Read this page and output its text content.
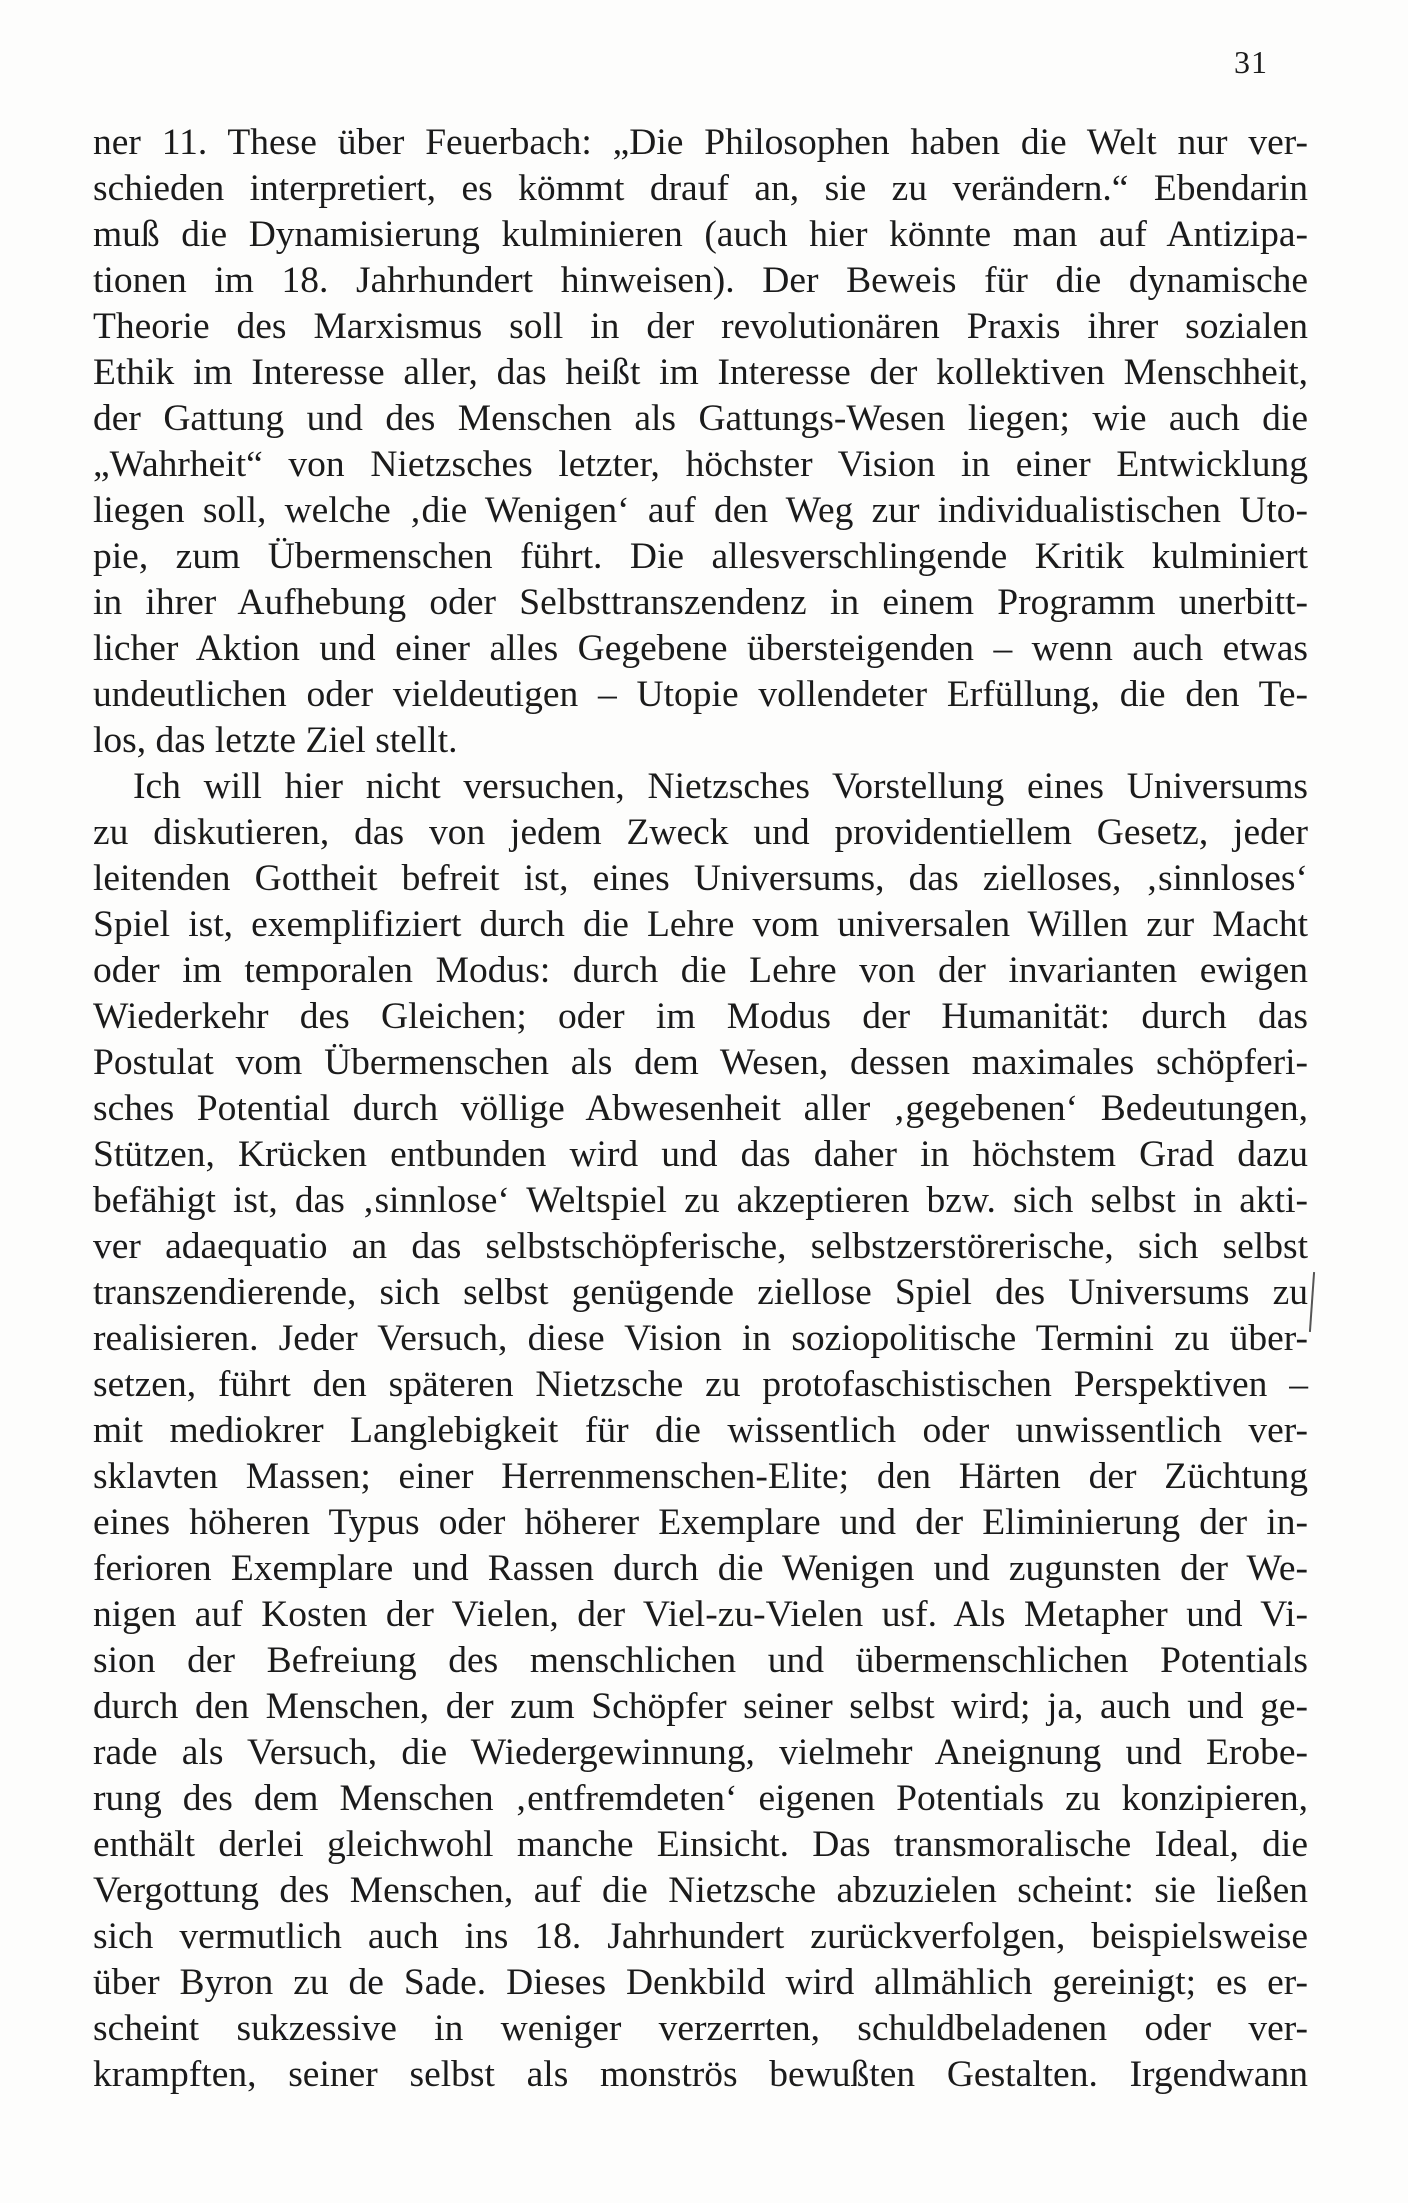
31
ner 11. These über Feuerbach: „Die Philosophen haben die Welt nur ver-
schieden interpretiert, es kömmt drauf an, sie zu verändern.“ Ebendarin
muß die Dynamisierung kulminieren (auch hier könnte man auf Antizipa-
tionen im 18. Jahrhundert hinweisen). Der Beweis für die dynamische
Theorie des Marxismus soll in der revolutionären Praxis ihrer sozialen
Ethik im Interesse aller, das heißt im Interesse der kollektiven Menschheit,
der Gattung und des Menschen als Gattungs-Wesen liegen; wie auch die
„Wahrheit“ von Nietzsches letzter, höchster Vision in einer Entwicklung
liegen soll, welche ‚die Wenigen‘ auf den Weg zur individualistischen Uto-
pie, zum Übermenschen führt. Die allesverschlingende Kritik kulminiert
in ihrer Aufhebung oder Selbsttranszendenz in einem Programm unerbitt-
licher Aktion und einer alles Gegebene übersteigenden – wenn auch etwas
undeutlichen oder vieldeutigen – Utopie vollendeter Erfüllung, die den Te-
los, das letzte Ziel stellt.
Ich will hier nicht versuchen, Nietzsches Vorstellung eines Universums
zu diskutieren, das von jedem Zweck und providentiellem Gesetz, jeder
leitenden Gottheit befreit ist, eines Universums, das zielloses, ‚sinnloses‘
Spiel ist, exemplifiziert durch die Lehre vom universalen Willen zur Macht
oder im temporalen Modus: durch die Lehre von der invarianten ewigen
Wiederkehr des Gleichen; oder im Modus der Humanität: durch das
Postulat vom Übermenschen als dem Wesen, dessen maximales schöpferi-
sches Potential durch völlige Abwesenheit aller ‚gegebenen‘ Bedeutungen,
Stützen, Krücken entbunden wird und das daher in höchstem Grad dazu
befähigt ist, das ‚sinnlose‘ Weltspiel zu akzeptieren bzw. sich selbst in akti-
ver adaequatio an das selbstschöpferische, selbstzerstörerische, sich selbst
transzendierende, sich selbst genügende ziellose Spiel des Universums zu
realisieren. Jeder Versuch, diese Vision in soziopolitische Termini zu über-
setzen, führt den späteren Nietzsche zu protofaschistischen Perspektiven –
mit mediokrer Langlebigkeit für die wissentlich oder unwissentlich ver-
sklavten Massen; einer Herrenmenschen-Elite; den Härten der Züchtung
eines höheren Typus oder höherer Exemplare und der Eliminierung der in-
ferioren Exemplare und Rassen durch die Wenigen und zugunsten der We-
nigen auf Kosten der Vielen, der Viel-zu-Vielen usf. Als Metapher und Vi-
sion der Befreiung des menschlichen und übermenschlichen Potentials
durch den Menschen, der zum Schöpfer seiner selbst wird; ja, auch und ge-
rade als Versuch, die Wiedergewinnung, vielmehr Aneignung und Erobe-
rung des dem Menschen ‚entfremdeten‘ eigenen Potentials zu konzipieren,
enthält derlei gleichwohl manche Einsicht. Das transmoralische Ideal, die
Vergottung des Menschen, auf die Nietzsche abzuzielen scheint: sie ließen
sich vermutlich auch ins 18. Jahrhundert zurückverfolgen, beispielsweise
über Byron zu de Sade. Dieses Denkbild wird allmählich gereinigt; es er-
scheint sukzessive in weniger verzerrten, schuldbeladenen oder ver-
krampften, seiner selbst als monströs bewußten Gestalten. Irgendwann
